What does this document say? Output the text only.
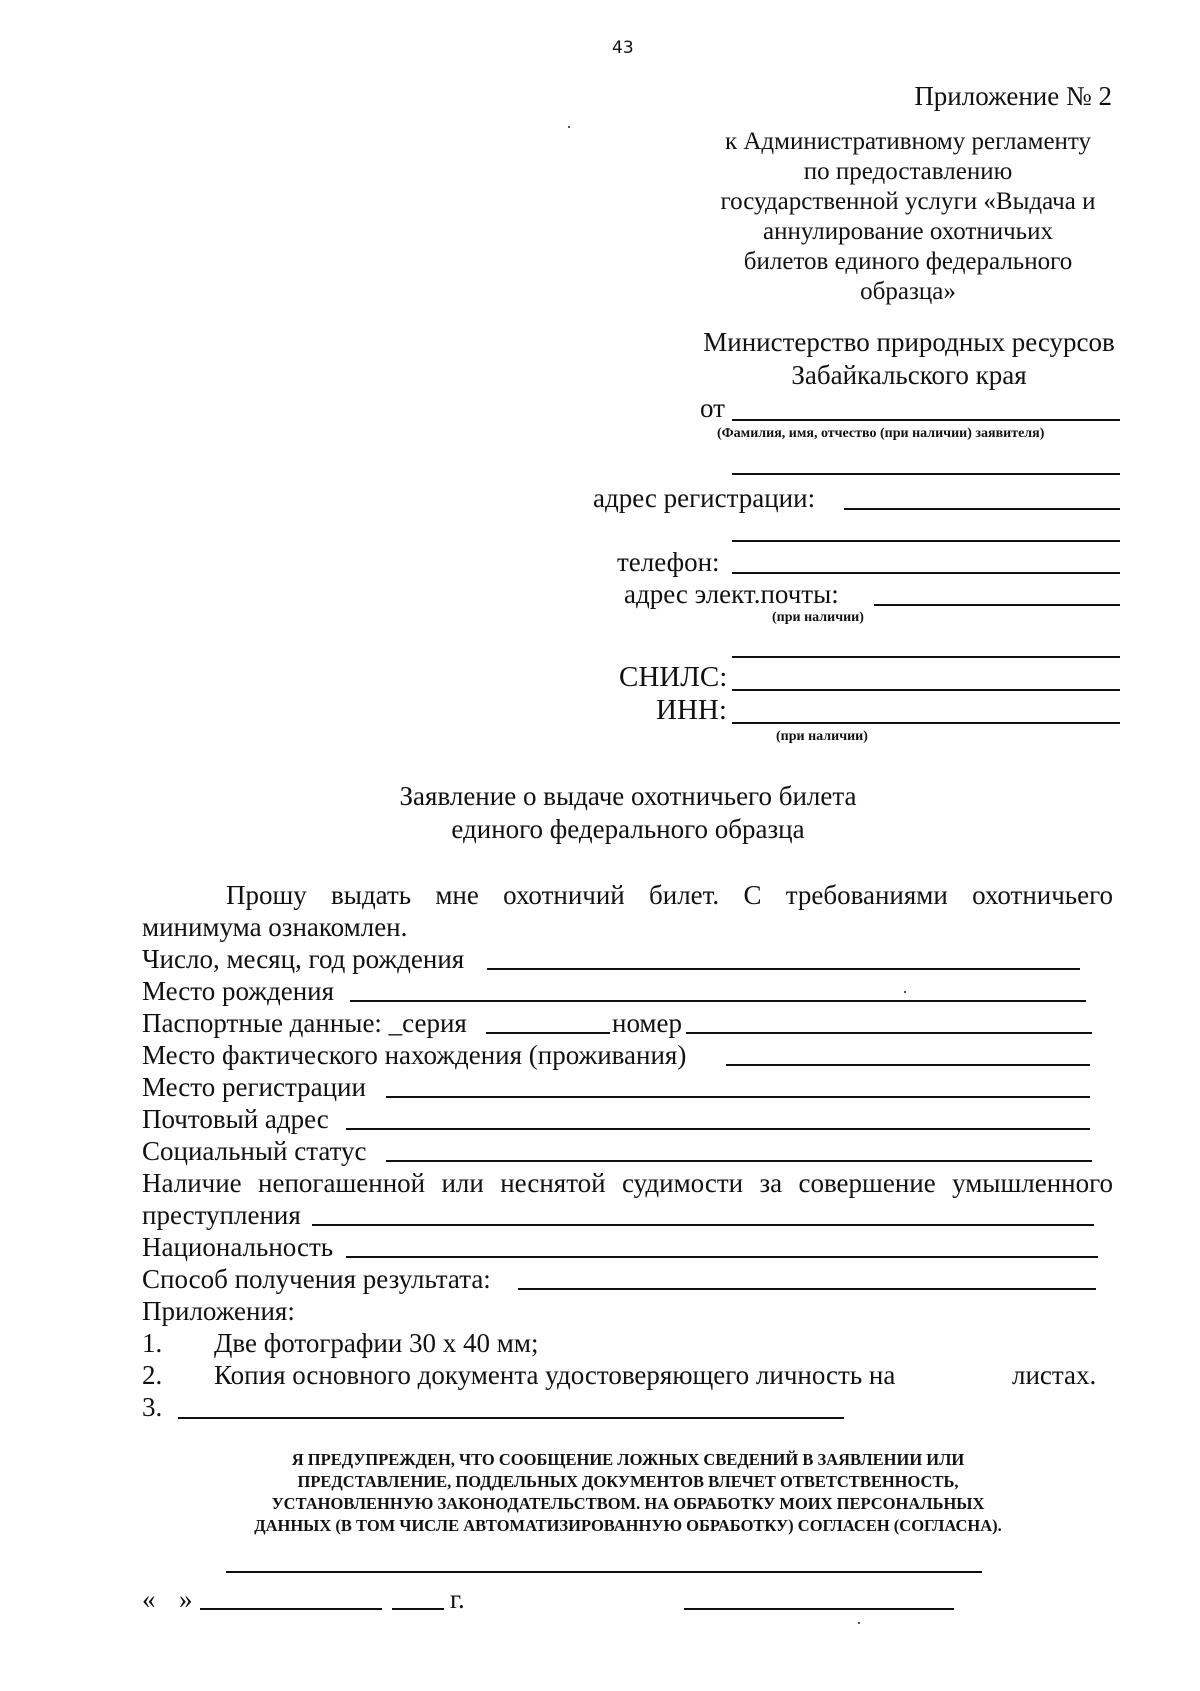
43
Приложение № 2
к Административному регламенту
по предоставлению
государственной услуги «Выдача и
аннулирование охотничьих
билетов единого федерального
образца»
Министерство природных ресурсов
Забайкальского края
от
(Фамилия, имя, отчество (при наличии) заявителя)
адрес регистрации:
телефон:
адрес элект.почты:
(при наличии)
СНИЛС:
ИНН:
(при наличии)
Заявление о выдаче охотничьего билета
единого федерального образца
Прошу выдать мне охотничий билет. С требованиями охотничьего
минимума ознакомлен.
Число, месяц, год рождения
Место рождения
Паспортные данные: _серия	номер
Место фактического нахождения (проживания)
Место регистрации
Почтовый адрес
Социальный статус
Наличие непогашенной или неснятой судимости за совершение умышленного
преступления
Национальность
Способ получения результата:
Приложения:
1. Две фотографии 30 х 40 мм;
2. Копия основного документа удостоверяющего личность на	листах.
3.
Я ПРЕДУПРЕЖДЕН, ЧТО СООБЩЕНИЕ ЛОЖНЫХ СВЕДЕНИЙ В ЗАЯВЛЕНИИ ИЛИ
ПРЕДСТАВЛЕНИЕ, ПОДДЕЛЬНЫХ ДОКУМЕНТОВ ВЛЕЧЕТ ОТВЕТСТВЕННОСТЬ,
УСТАНОВЛЕННУЮ ЗАКОНОДАТЕЛЬСТВОМ. НА ОБРАБОТКУ МОИХ ПЕРСОНАЛЬНЫХ
ДАННЫХ (В ТОМ ЧИСЛЕ АВТОМАТИЗИРОВАННУЮ ОБРАБОТКУ) СОГЛАСЕН (СОГЛАСНА).
« »	г.
